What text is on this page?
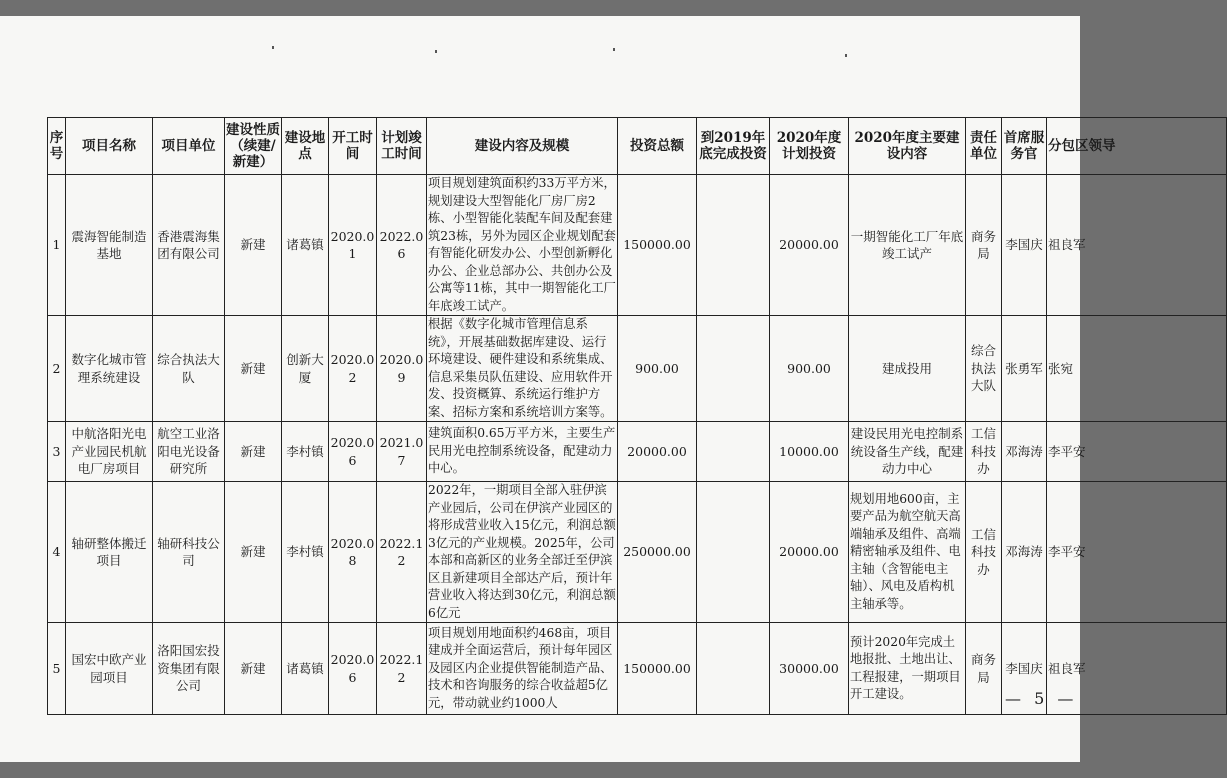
序号	项目名称	项目单位	建设性质（续建/新建）	建设地点	开工时间	计划竣工时间	建设内容及规模	投资总额	到2019年底完成投资	2020年度计划投资	2020年度主要建设内容	责任单位	首席服务官	分包区领导
1	震海智能制造基地	香港震海集团有限公司	新建	诸葛镇	2020.01	2022.06	项目规划建筑面积约33万平方米，规划建设大型智能化厂房厂房2栋、小型智能化装配车间及配套建筑23栋，另外为园区企业规划配套有智能化研发办公、小型创新孵化办公、企业总部办公、共创办公及公寓等11栋，其中一期智能化工厂年底竣工试产。	150000.00		20000.00	一期智能化工厂年底竣工试产	商务局	李国庆	祖良军
2	数字化城市管理系统建设	综合执法大队	新建	创新大厦	2020.02	2020.09	根据《数字化城市管理信息系统》，开展基础数据库建设、运行环境建设、硬件建设和系统集成、信息采集员队伍建设、应用软件开发、投资概算、系统运行维护方案、招标方案和系统培训方案等。	900.00		900.00	建成投用	综合执法大队	张勇军	张宛
3	中航洛阳光电产业园民机航电厂房项目	航空工业洛阳电光设备研究所	新建	李村镇	2020.06	2021.07	建筑面积0.65万平方米，主要生产民用光电控制系统设备，配建动力中心。	20000.00		10000.00	建设民用光电控制系统设备生产线，配建动力中心	工信科技办	邓海涛	李平安
4	轴研整体搬迁项目	轴研科技公司	新建	李村镇	2020.08	2022.12	2022年，一期项目全部入驻伊滨产业园后，公司在伊滨产业园区的将形成营业收入15亿元，利润总额3亿元的产业规模。2025年，公司本部和高新区的业务全部迁至伊滨区且新建项目全部达产后，预计年营业收入将达到30亿元，利润总额6亿元	250000.00		20000.00	规划用地600亩，主要产品为航空航天高端轴承及组件、高端精密轴承及组件、电主轴（含智能电主轴）、风电及盾构机主轴承等。	工信科技办	邓海涛	李平安
5	国宏中欧产业园项目	洛阳国宏投资集团有限公司	新建	诸葛镇	2020.06	2022.12	项目规划用地面积约468亩，项目建成并全面运营后，预计每年园区及园区内企业提供智能制造产品、技术和咨询服务的综合收益超5亿元，带动就业约1000人	150000.00		30000.00	预计2020年完成土地报批、土地出让、工程报建，一期项目开工建设。	商务局	李国庆	祖良军
— 5 —
